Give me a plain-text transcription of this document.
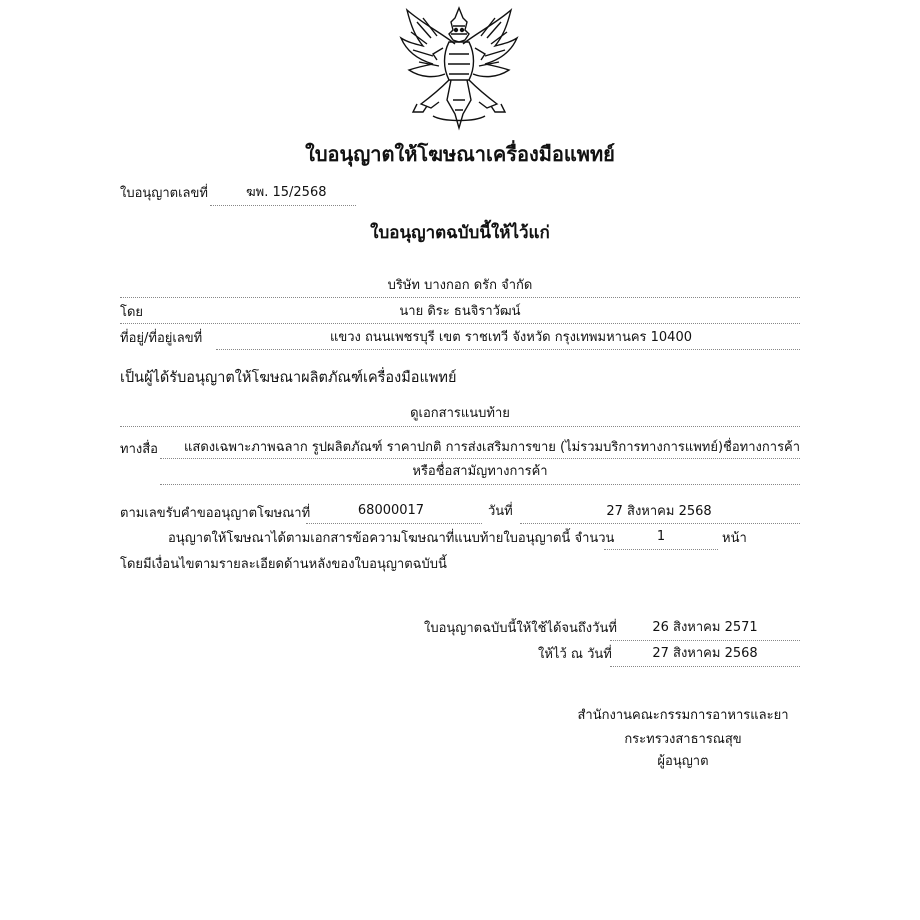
ใบอนุญาตให้โฆษณาเครื่องมือแพทย์
ใบอนุญาตเลขที่	ฆพ. 15/2568
ใบอนุญาตฉบับนี้ให้ไว้แก่
บริษัท บางกอก ดรัก จำกัด
โดย	นาย ดิระ ธนจิราวัฒน์
ที่อยู่/ที่อยู่เลขที่	แขวง ถนนเพชรบุรี เขต ราชเทวี จังหวัด กรุงเทพมหานคร 10400
เป็นผู้ได้รับอนุญาตให้โฆษณาผลิตภัณฑ์เครื่องมือแพทย์
ดูเอกสารแนบท้าย
ทางสื่อ แสดงเฉพาะภาพฉลาก รูปผลิตภัณฑ์ ราคาปกติ การส่งเสริมการขาย (ไม่รวมบริการทางการแพทย์)ชื่อทางการค้า
หรือชื่อสามัญทางการค้า
ตามเลขรับคำขออนุญาตโฆษณาที่	68000017	วันที่	27 สิงหาคม 2568
อนุญาตให้โฆษณาได้ตามเอกสารข้อความโฆษณาที่แนบท้ายใบอนุญาตนี้ จำนวน	1	หน้า
โดยมีเงื่อนไขตามรายละเอียดด้านหลังของใบอนุญาตฉบับนี้
ใบอนุญาตฉบับนี้ให้ใช้ได้จนถึงวันที่	26 สิงหาคม 2571
ให้ไว้ ณ วันที่	27 สิงหาคม 2568
สำนักงานคณะกรรมการอาหารและยา
กระทรวงสาธารณสุข
ผู้อนุญาต
